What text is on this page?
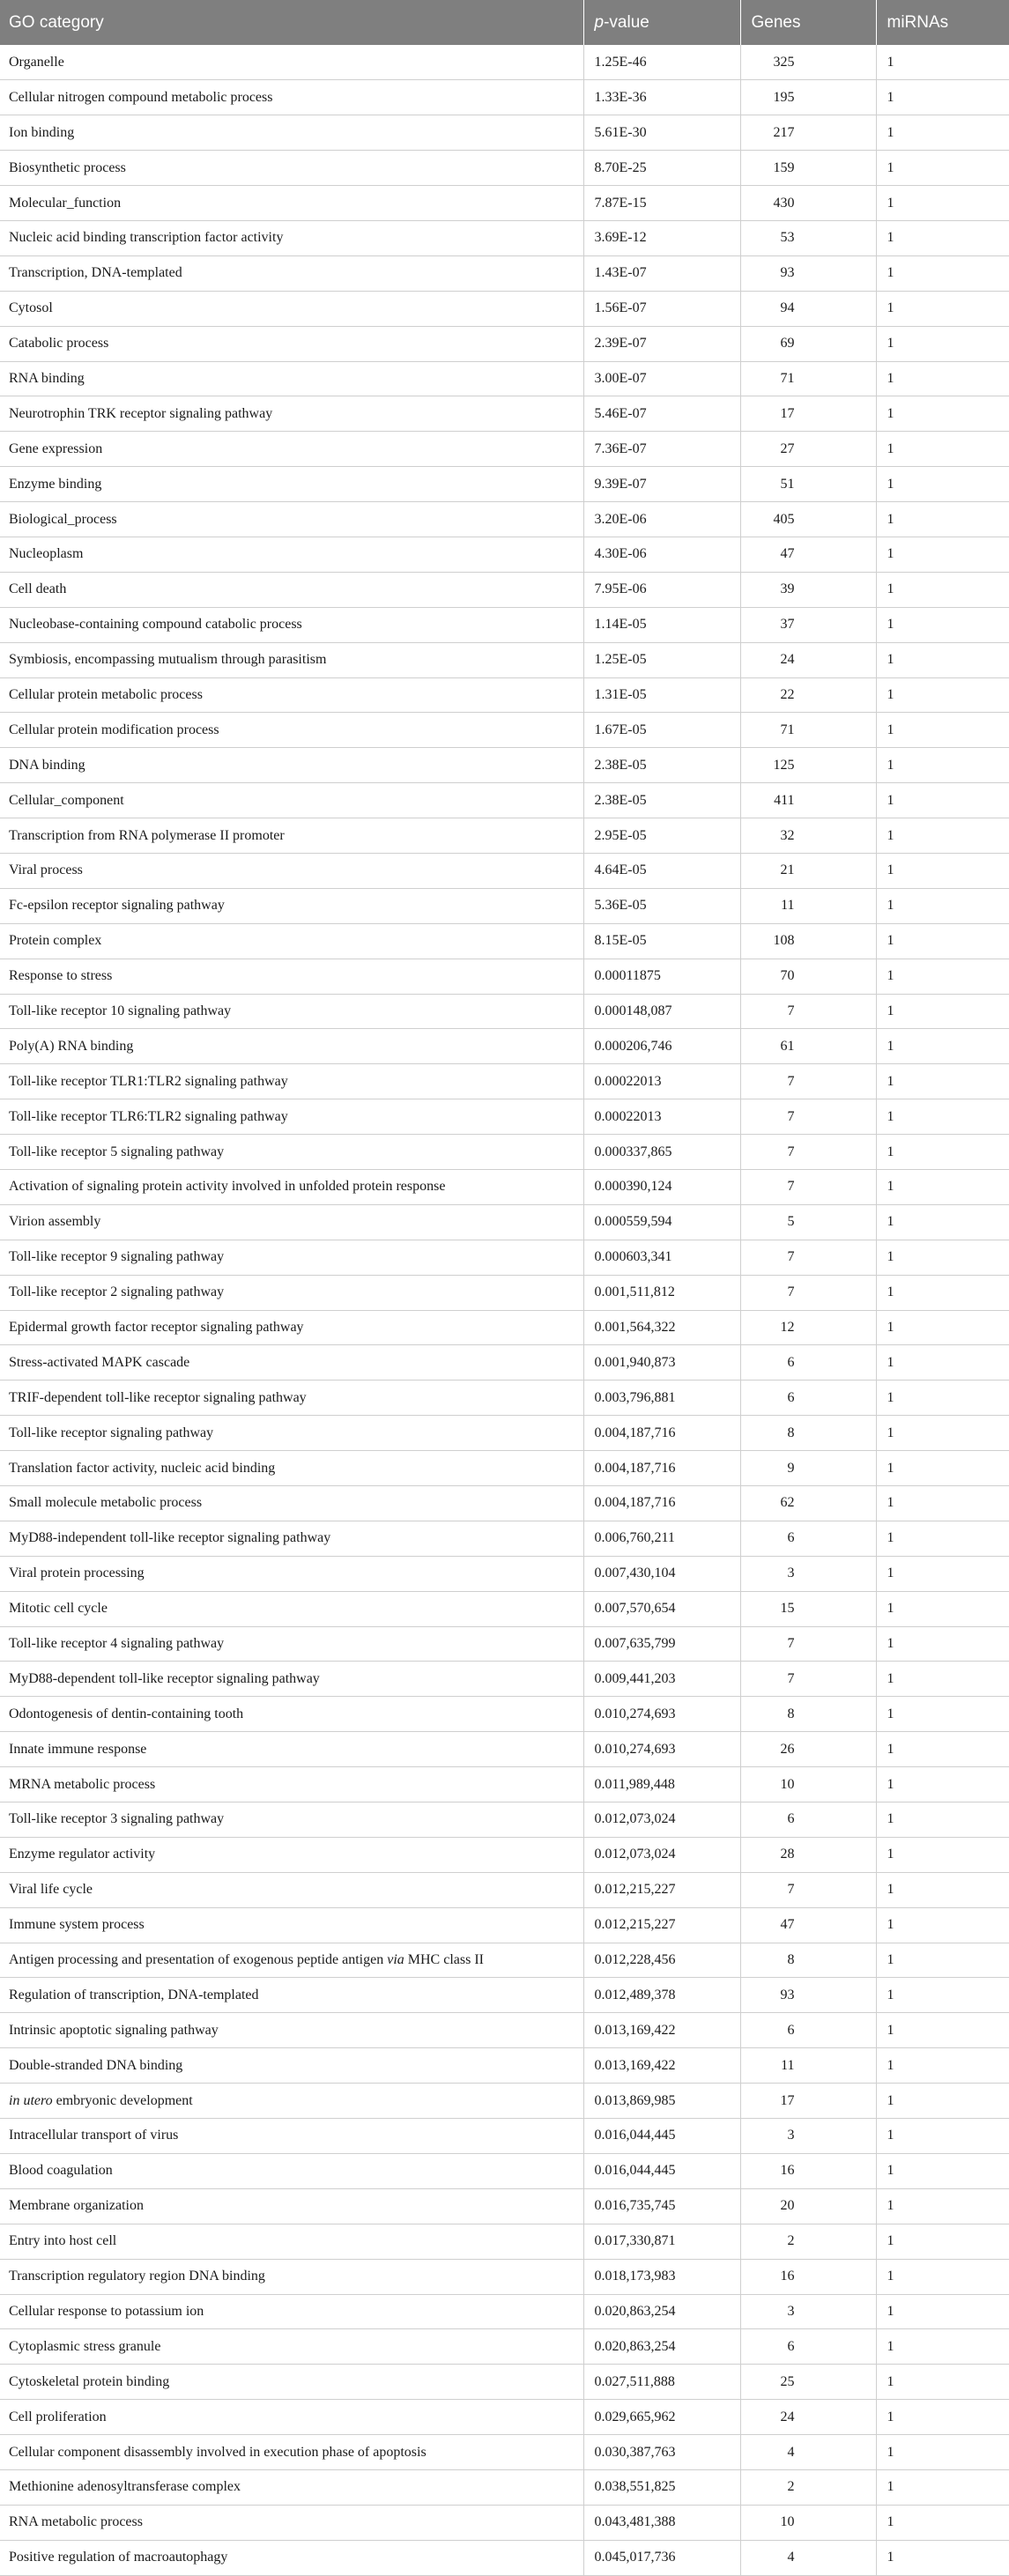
GO category	p-value	Genes	miRNAs
Organelle	1.25E-46	325	1
Cellular nitrogen compound metabolic process	1.33E-36	195	1
Ion binding	5.61E-30	217	1
Biosynthetic process	8.70E-25	159	1
Molecular_function	7.87E-15	430	1
Nucleic acid binding transcription factor activity	3.69E-12	53	1
Transcription, DNA-templated	1.43E-07	93	1
Cytosol	1.56E-07	94	1
Catabolic process	2.39E-07	69	1
RNA binding	3.00E-07	71	1
Neurotrophin TRK receptor signaling pathway	5.46E-07	17	1
Gene expression	7.36E-07	27	1
Enzyme binding	9.39E-07	51	1
Biological_process	3.20E-06	405	1
Nucleoplasm	4.30E-06	47	1
Cell death	7.95E-06	39	1
Nucleobase-containing compound catabolic process	1.14E-05	37	1
Symbiosis, encompassing mutualism through parasitism	1.25E-05	24	1
Cellular protein metabolic process	1.31E-05	22	1
Cellular protein modification process	1.67E-05	71	1
DNA binding	2.38E-05	125	1
Cellular_component	2.38E-05	411	1
Transcription from RNA polymerase II promoter	2.95E-05	32	1
Viral process	4.64E-05	21	1
Fc-epsilon receptor signaling pathway	5.36E-05	11	1
Protein complex	8.15E-05	108	1
Response to stress	0.00011875	70	1
Toll-like receptor 10 signaling pathway	0.000148,087	7	1
Poly(A) RNA binding	0.000206,746	61	1
Toll-like receptor TLR1:TLR2 signaling pathway	0.00022013	7	1
Toll-like receptor TLR6:TLR2 signaling pathway	0.00022013	7	1
Toll-like receptor 5 signaling pathway	0.000337,865	7	1
Activation of signaling protein activity involved in unfolded protein response	0.000390,124	7	1
Virion assembly	0.000559,594	5	1
Toll-like receptor 9 signaling pathway	0.000603,341	7	1
Toll-like receptor 2 signaling pathway	0.001,511,812	7	1
Epidermal growth factor receptor signaling pathway	0.001,564,322	12	1
Stress-activated MAPK cascade	0.001,940,873	6	1
TRIF-dependent toll-like receptor signaling pathway	0.003,796,881	6	1
Toll-like receptor signaling pathway	0.004,187,716	8	1
Translation factor activity, nucleic acid binding	0.004,187,716	9	1
Small molecule metabolic process	0.004,187,716	62	1
MyD88-independent toll-like receptor signaling pathway	0.006,760,211	6	1
Viral protein processing	0.007,430,104	3	1
Mitotic cell cycle	0.007,570,654	15	1
Toll-like receptor 4 signaling pathway	0.007,635,799	7	1
MyD88-dependent toll-like receptor signaling pathway	0.009,441,203	7	1
Odontogenesis of dentin-containing tooth	0.010,274,693	8	1
Innate immune response	0.010,274,693	26	1
MRNA metabolic process	0.011,989,448	10	1
Toll-like receptor 3 signaling pathway	0.012,073,024	6	1
Enzyme regulator activity	0.012,073,024	28	1
Viral life cycle	0.012,215,227	7	1
Immune system process	0.012,215,227	47	1
Antigen processing and presentation of exogenous peptide antigen via MHC class II	0.012,228,456	8	1
Regulation of transcription, DNA-templated	0.012,489,378	93	1
Intrinsic apoptotic signaling pathway	0.013,169,422	6	1
Double-stranded DNA binding	0.013,169,422	11	1
in utero embryonic development	0.013,869,985	17	1
Intracellular transport of virus	0.016,044,445	3	1
Blood coagulation	0.016,044,445	16	1
Membrane organization	0.016,735,745	20	1
Entry into host cell	0.017,330,871	2	1
Transcription regulatory region DNA binding	0.018,173,983	16	1
Cellular response to potassium ion	0.020,863,254	3	1
Cytoplasmic stress granule	0.020,863,254	6	1
Cytoskeletal protein binding	0.027,511,888	25	1
Cell proliferation	0.029,665,962	24	1
Cellular component disassembly involved in execution phase of apoptosis	0.030,387,763	4	1
Methionine adenosyltransferase complex	0.038,551,825	2	1
RNA metabolic process	0.043,481,388	10	1
Positive regulation of macroautophagy	0.045,017,736	4	1
